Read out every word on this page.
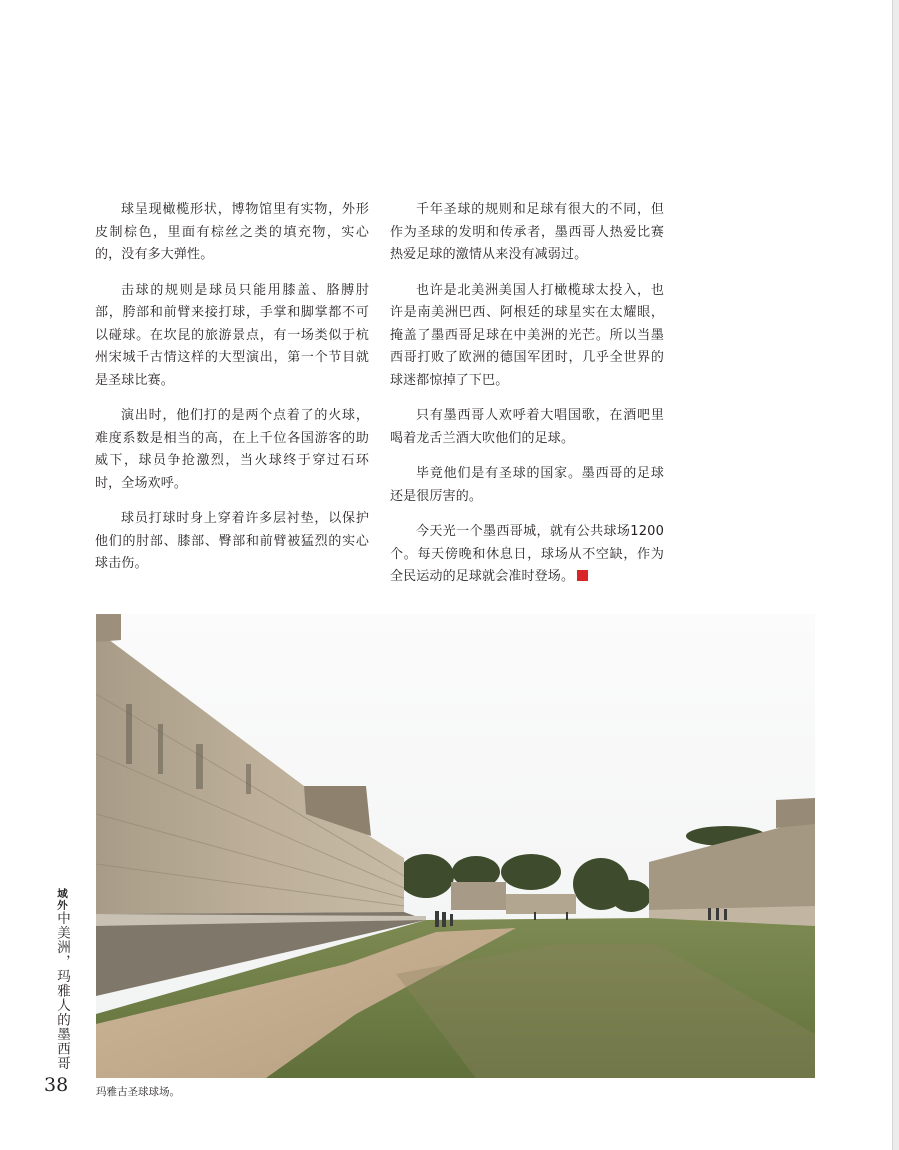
球呈现橄榄形状，博物馆里有实物，外形皮制棕色，里面有棕丝之类的填充物，实心的，没有多大弹性。

击球的规则是球员只能用膝盖、胳膊肘部，胯部和前臂来接打球，手掌和脚掌都不可以碰球。在坎昆的旅游景点，有一场类似于杭州宋城千古情这样的大型演出，第一个节目就是圣球比赛。

演出时，他们打的是两个点着了的火球，难度系数是相当的高，在上千位各国游客的助威下，球员争抢激烈，当火球终于穿过石环时，全场欢呼。

球员打球时身上穿着许多层衬垫，以保护他们的肘部、膝部、臀部和前臂被猛烈的实心球击伤。

千年圣球的规则和足球有很大的不同，但作为圣球的发明和传承者，墨西哥人热爱比赛热爱足球的激情从来没有减弱过。

也许是北美洲美国人打橄榄球太投入，也许是南美洲巴西、阿根廷的球星实在太耀眼，掩盖了墨西哥足球在中美洲的光芒。所以当墨西哥打败了欧洲的德国军团时，几乎全世界的球迷都惊掉了下巴。

只有墨西哥人欢呼着大唱国歌，在酒吧里喝着龙舌兰酒大吹他们的足球。

毕竟他们是有圣球的国家。墨西哥的足球还是很厉害的。

今天光一个墨西哥城，就有公共球场1200个。每天傍晚和休息日，球场从不空缺，作为全民运动的足球就会准时登场。

玛雅古圣球球场。
域外中美洲，玛雅人的墨西哥
38
